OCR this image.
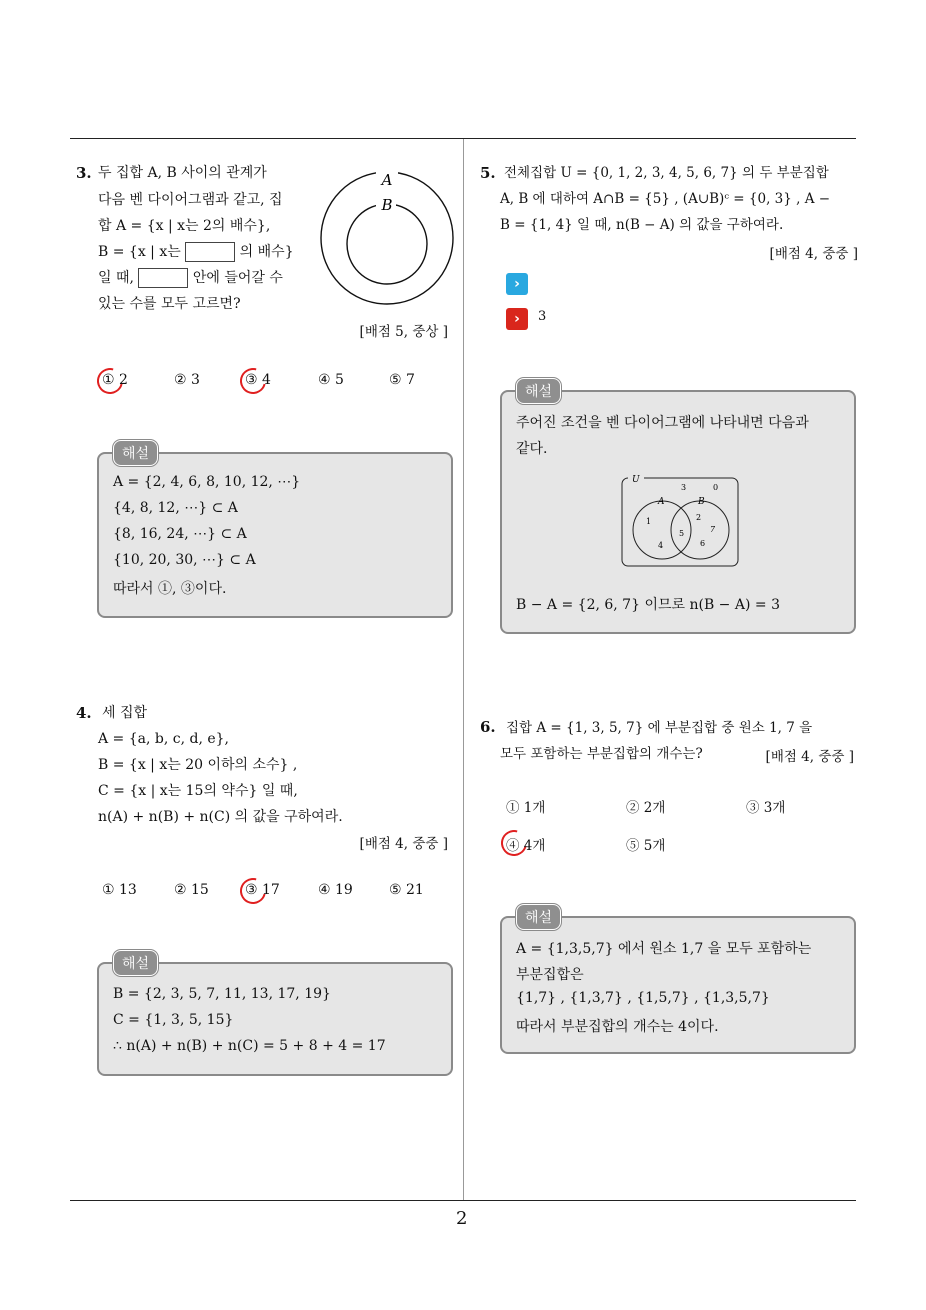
2
3. 두 집합 A, B 사이의 관계가
다음 벤 다이어그램과 같고, 집
합 A = {x | x는 2의 배수},
B = {x | x는	의 배수}
일 때,	안에 들어갈 수
있는 수를 모두 고르면?
A
B
[배점 5, 중상 ]
① 2	② 3	③ 4	④ 5	⑤ 7
A = {2, 4, 6, 8, 10, 12, ⋯}
{4, 8, 12, ⋯} ⊂ A
{8, 16, 24, ⋯} ⊂ A
{10, 20, 30, ⋯} ⊂ A
따라서 ①, ③이다.
해설
4. 세 집합
A = {a, b, c, d, e},
B = {x | x는 20 이하의 소수} ,
C = {x | x는 15의 약수} 일 때,
n(A) + n(B) + n(C) 의 값을 구하여라.
[배점 4, 중중 ]
① 13	② 15	③ 17	④ 19	⑤ 21
B = {2, 3, 5, 7, 11, 13, 17, 19}
C = {1, 3, 5, 15}
∴ n(A) + n(B) + n(C) = 5 + 8 + 4 = 17
해설
5. 전체집합 U = {0, 1, 2, 3, 4, 5, 6, 7} 의 두 부분집합
A, B 에 대하여 A∩B = {5} , (A∪B)ᶜ = {0, 3} , A −
B = {1, 4} 일 때, n(B − A) 의 값을 구하여라.
[배점 4, 중중 ]
›
›	3
주어진 조건을 벤 다이어그램에 나타내면 다음과
같다.
U
A	B
3	0
1
4
5
2
7
6
B − A = {2, 6, 7} 이므로 n(B − A) = 3
해설
6. 집합 A = {1, 3, 5, 7} 에 부분집합 중 원소 1, 7 을
모두 포함하는 부분집합의 개수는?	[배점 4, 중중 ]
① 1개	② 2개	③ 3개
④ 4개	⑤ 5개
A = {1,3,5,7} 에서 원소 1,7 을 모두 포함하는
부분집합은
{1,7} , {1,3,7} , {1,5,7} , {1,3,5,7}
따라서 부분집합의 개수는 4이다.
해설
